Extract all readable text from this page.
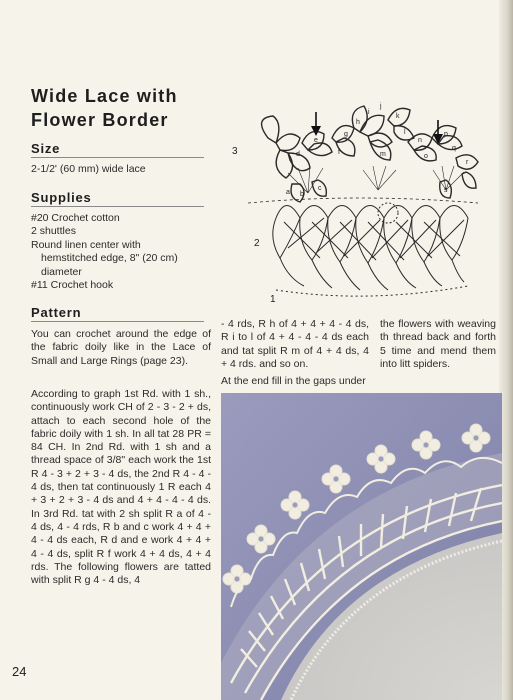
Wide Lace with
Flower Border
Size
2-1/2' (60 mm) wide lace
Supplies
#20 Crochet cotton
2 shuttles
Round linen center with
hemstitched edge, 8" (20 cm)
diameter
#11 Crochet hook
Pattern
You can crochet around the edge of the fabric doily like in the Lace of Small and Large Rings (page 23).
According to graph 1st Rd. with 1 sh., continuously work CH of 2 - 3 - 2 + ds, attach to each second hole of the fabric doily with 1 sh. In all tat 28 PR = 84 CH. In 2nd Rd. with 1 sh and a thread space of 3/8" each work the 1st R 4 - 3 + 2 + 3 - 4 ds, the 2nd R 4 - 4 - 4 ds, then tat continuously 1 R each 4 + 3 + 2 + 3 - 4 ds and 4 + 4 - 4 - 4 ds. In 3rd Rd. tat with 2 sh split R a of 4 - 4 ds, 4 - 4 rds, R b and c work 4 + 4 + 4 - 4 ds each, R d and e work 4 + 4 + 4 - 4 ds, split R f work 4 + 4 ds, 4 + 4 rds. The following flowers are tatted with split R g 4 - 4 ds, 4
- 4 rds, R h of 4 + 4 + 4 - 4 ds, R i to l of 4 + 4 - 4 - 4 ds each and tat split R m of 4 + 4 ds, 4 + 4 rds. and so on.
At the end fill in the gaps under
the flowers with weaving th thread back and forth 5 time and mend them into litt spiders.
3
2
1
a b
c
d
e
f
g
h
i
j
k
l
m
n
o
p
q
r
s
24
